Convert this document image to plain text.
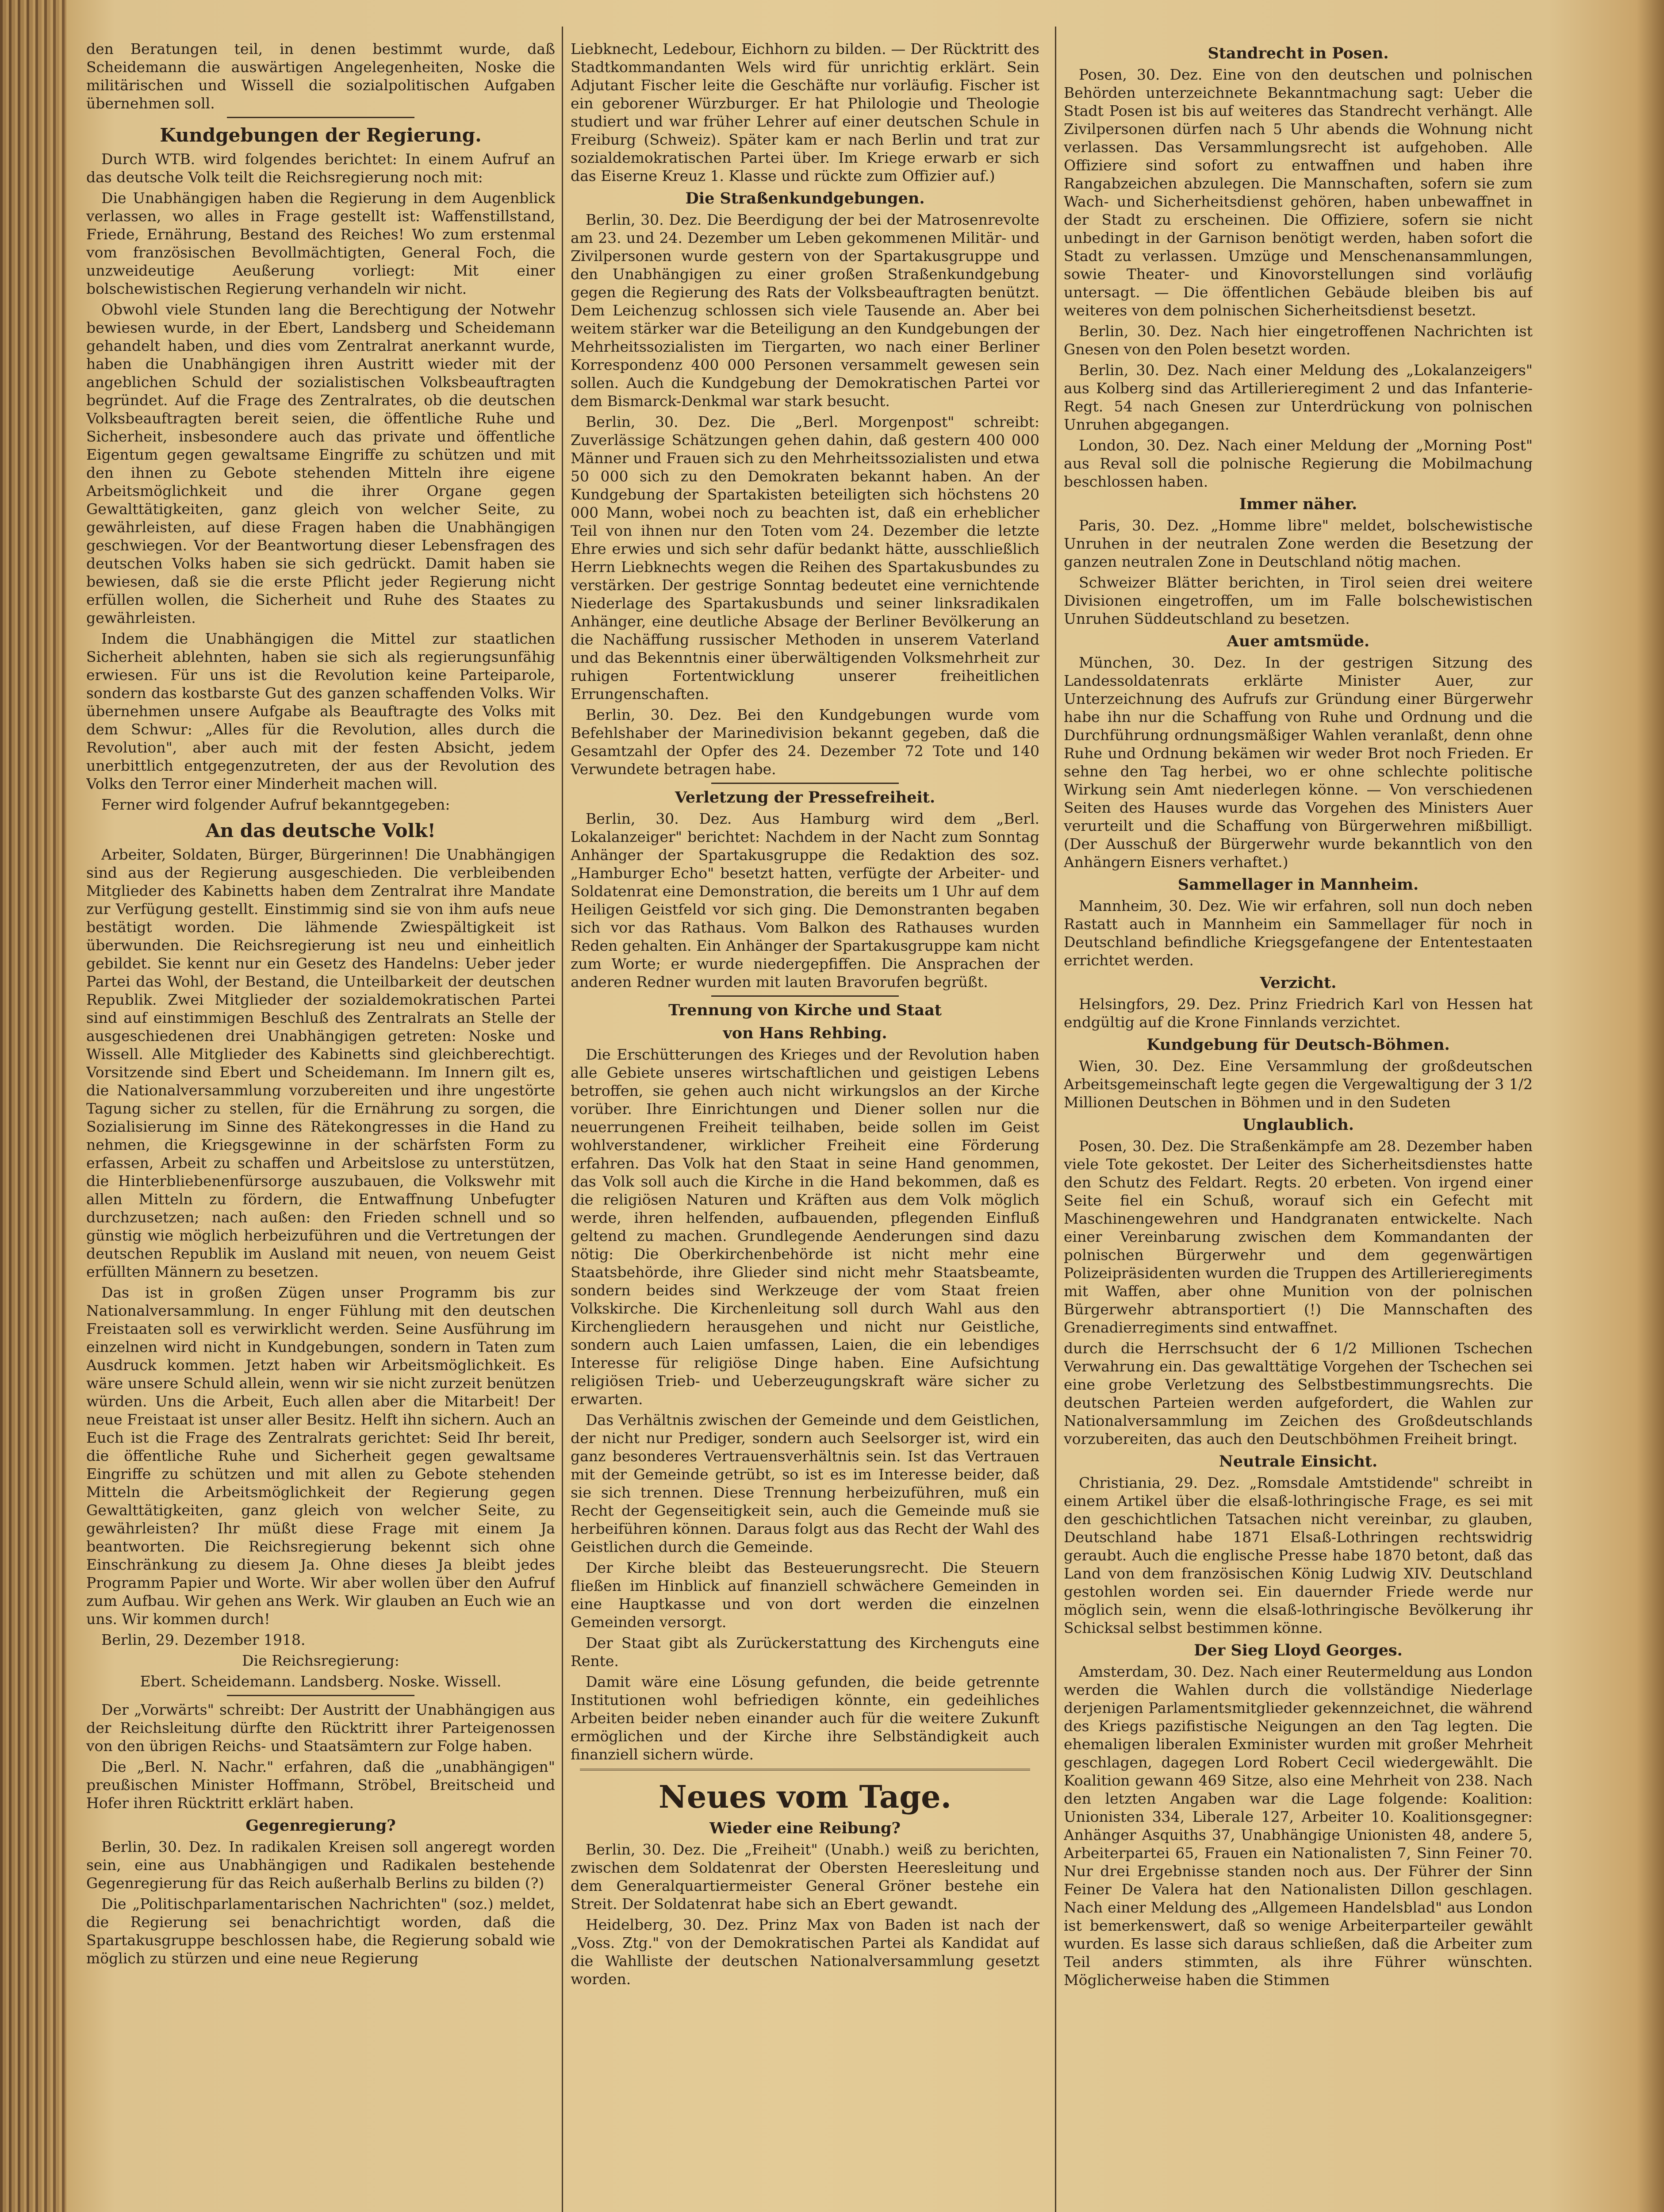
den Beratungen teil, in denen bestimmt wurde, daß Scheidemann die auswärtigen Angelegenheiten, Noske die militärischen und Wissell die sozialpolitischen Aufgaben übernehmen soll.

Kundgebungen der Regierung.

Durch WTB. wird folgendes berichtet: In einem Aufruf an das deutsche Volk teilt die Reichsregierung noch mit:

Die Unabhängigen haben die Regierung in dem Augenblick verlassen, wo alles in Frage gestellt ist: Waffenstillstand, Friede, Ernährung, Bestand des Reiches! Wo zum erstenmal vom französischen Bevollmächtigten, General Foch, die unzweideutige Aeußerung vorliegt: Mit einer bolschewistischen Regierung verhandeln wir nicht.

Obwohl viele Stunden lang die Berechtigung der Notwehr bewiesen wurde, in der Ebert, Landsberg und Scheidemann gehandelt haben, und dies vom Zentralrat anerkannt wurde, haben die Unabhängigen ihren Austritt wieder mit der angeblichen Schuld der sozialistischen Volksbeauftragten begründet. Auf die Frage des Zentralrates, ob die deutschen Volksbeauftragten bereit seien, die öffentliche Ruhe und Sicherheit, insbesondere auch das private und öffentliche Eigentum gegen gewaltsame Eingriffe zu schützen und mit den ihnen zu Gebote stehenden Mitteln ihre eigene Arbeitsmöglichkeit und die ihrer Organe gegen Gewalttätigkeiten, ganz gleich von welcher Seite, zu gewährleisten, auf diese Fragen haben die Unabhängigen geschwiegen. Vor der Beantwortung dieser Lebensfragen des deutschen Volks haben sie sich gedrückt. Damit haben sie bewiesen, daß sie die erste Pflicht jeder Regierung nicht erfüllen wollen, die Sicherheit und Ruhe des Staates zu gewährleisten.

Indem die Unabhängigen die Mittel zur staatlichen Sicherheit ablehnten, haben sie sich als regierungsunfähig erwiesen. Für uns ist die Revolution keine Parteiparole, sondern das kostbarste Gut des ganzen schaffenden Volks. Wir übernehmen unsere Aufgabe als Beauftragte des Volks mit dem Schwur: „Alles für die Revolution, alles durch die Revolution", aber auch mit der festen Absicht, jedem unerbittlich entgegenzutreten, der aus der Revolution des Volks den Terror einer Minderheit machen will.

Ferner wird folgender Aufruf bekanntgegeben:

An das deutsche Volk!

Arbeiter, Soldaten, Bürger, Bürgerinnen! Die Unabhängigen sind aus der Regierung ausgeschieden. Die verbleibenden Mitglieder des Kabinetts haben dem Zentralrat ihre Mandate zur Verfügung gestellt. Einstimmig sind sie von ihm aufs neue bestätigt worden. Die lähmende Zwiespältigkeit ist überwunden. Die Reichsregierung ist neu und einheitlich gebildet. Sie kennt nur ein Gesetz des Handelns: Ueber jeder Partei das Wohl, der Bestand, die Unteilbarkeit der deutschen Republik. Zwei Mitglieder der sozialdemokratischen Partei sind auf einstimmigen Beschluß des Zentralrats an Stelle der ausgeschiedenen drei Unabhängigen getreten: Noske und Wissell. Alle Mitglieder des Kabinetts sind gleichberechtigt. Vorsitzende sind Ebert und Scheidemann. Im Innern gilt es, die Nationalversammlung vorzubereiten und ihre ungestörte Tagung sicher zu stellen, für die Ernährung zu sorgen, die Sozialisierung im Sinne des Rätekongresses in die Hand zu nehmen, die Kriegsgewinne in der schärfsten Form zu erfassen, Arbeit zu schaffen und Arbeitslose zu unterstützen, die Hinterbliebenenfürsorge auszubauen, die Volkswehr mit allen Mitteln zu fördern, die Entwaffnung Unbefugter durchzusetzen; nach außen: den Frieden schnell und so günstig wie möglich herbeizuführen und die Vertretungen der deutschen Republik im Ausland mit neuen, von neuem Geist erfüllten Männern zu besetzen.

Das ist in großen Zügen unser Programm bis zur Nationalversammlung. In enger Fühlung mit den deutschen Freistaaten soll es verwirklicht werden. Seine Ausführung im einzelnen wird nicht in Kundgebungen, sondern in Taten zum Ausdruck kommen. Jetzt haben wir Arbeitsmöglichkeit. Es wäre unsere Schuld allein, wenn wir sie nicht zurzeit benützen würden. Uns die Arbeit, Euch allen aber die Mitarbeit! Der neue Freistaat ist unser aller Besitz. Helft ihn sichern. Auch an Euch ist die Frage des Zentralrats gerichtet: Seid Ihr bereit, die öffentliche Ruhe und Sicherheit gegen gewaltsame Eingriffe zu schützen und mit allen zu Gebote stehenden Mitteln die Arbeitsmöglichkeit der Regierung gegen Gewalttätigkeiten, ganz gleich von welcher Seite, zu gewährleisten? Ihr müßt diese Frage mit einem Ja beantworten. Die Reichsregierung bekennt sich ohne Einschränkung zu diesem Ja. Ohne dieses Ja bleibt jedes Programm Papier und Worte. Wir aber wollen über den Aufruf zum Aufbau. Wir gehen ans Werk. Wir glauben an Euch wie an uns. Wir kommen durch!

Berlin, 29. Dezember 1918.

Die Reichsregierung:

Ebert. Scheidemann. Landsberg. Noske. Wissell.

Der „Vorwärts" schreibt: Der Austritt der Unabhängigen aus der Reichsleitung dürfte den Rücktritt ihrer Parteigenossen von den übrigen Reichs- und Staatsämtern zur Folge haben.

Die „Berl. N. Nachr." erfahren, daß die „unabhängigen" preußischen Minister Hoffmann, Ströbel, Breitscheid und Hofer ihren Rücktritt erklärt haben.

Gegenregierung?

Berlin, 30. Dez. In radikalen Kreisen soll angeregt worden sein, eine aus Unabhängigen und Radikalen bestehende Gegenregierung für das Reich außerhalb Berlins zu bilden (?)

Die „Politischparlamentarischen Nachrichten" (soz.) meldet, die Regierung sei benachrichtigt worden, daß die Spartakusgruppe beschlossen habe, die Regierung sobald wie möglich zu stürzen und eine neue Regierung

Liebknecht, Ledebour, Eichhorn zu bilden. — Der Rücktritt des Stadtkommandanten Wels wird für unrichtig erklärt. Sein Adjutant Fischer leite die Geschäfte nur vorläufig. Fischer ist ein geborener Würzburger. Er hat Philologie und Theologie studiert und war früher Lehrer auf einer deutschen Schule in Freiburg (Schweiz). Später kam er nach Berlin und trat zur sozialdemokratischen Partei über. Im Kriege erwarb er sich das Eiserne Kreuz 1. Klasse und rückte zum Offizier auf.)

Die Straßenkundgebungen.

Berlin, 30. Dez. Die Beerdigung der bei der Matrosenrevolte am 23. und 24. Dezember um Leben gekommenen Militär- und Zivilpersonen wurde gestern von der Spartakusgruppe und den Unabhängigen zu einer großen Straßenkundgebung gegen die Regierung des Rats der Volksbeauftragten benützt. Dem Leichenzug schlossen sich viele Tausende an. Aber bei weitem stärker war die Beteiligung an den Kundgebungen der Mehrheitssozialisten im Tiergarten, wo nach einer Berliner Korrespondenz 400 000 Personen versammelt gewesen sein sollen. Auch die Kundgebung der Demokratischen Partei vor dem Bismarck-Denkmal war stark besucht.

Berlin, 30. Dez. Die „Berl. Morgenpost" schreibt: Zuverlässige Schätzungen gehen dahin, daß gestern 400 000 Männer und Frauen sich zu den Mehrheitssozialisten und etwa 50 000 sich zu den Demokraten bekannt haben. An der Kundgebung der Spartakisten beteiligten sich höchstens 20 000 Mann, wobei noch zu beachten ist, daß ein erheblicher Teil von ihnen nur den Toten vom 24. Dezember die letzte Ehre erwies und sich sehr dafür bedankt hätte, ausschließlich Herrn Liebknechts wegen die Reihen des Spartakusbundes zu verstärken. Der gestrige Sonntag bedeutet eine vernichtende Niederlage des Spartakusbunds und seiner linksradikalen Anhänger, eine deutliche Absage der Berliner Bevölkerung an die Nachäffung russischer Methoden in unserem Vaterland und das Bekenntnis einer überwältigenden Volksmehrheit zur ruhigen Fortentwicklung unserer freiheitlichen Errungenschaften.

Berlin, 30. Dez. Bei den Kundgebungen wurde vom Befehlshaber der Marinedivision bekannt gegeben, daß die Gesamtzahl der Opfer des 24. Dezember 72 Tote und 140 Verwundete betragen habe.

Verletzung der Pressefreiheit.

Berlin, 30. Dez. Aus Hamburg wird dem „Berl. Lokalanzeiger" berichtet: Nachdem in der Nacht zum Sonntag Anhänger der Spartakusgruppe die Redaktion des soz. „Hamburger Echo" besetzt hatten, verfügte der Arbeiter- und Soldatenrat eine Demonstration, die bereits um 1 Uhr auf dem Heiligen Geistfeld vor sich ging. Die Demonstranten begaben sich vor das Rathaus. Vom Balkon des Rathauses wurden Reden gehalten. Ein Anhänger der Spartakusgruppe kam nicht zum Worte; er wurde niedergepfiffen. Die Ansprachen der anderen Redner wurden mit lauten Bravorufen begrüßt.

Trennung von Kirche und Staat
von Hans Rehbing.

Die Erschütterungen des Krieges und der Revolution haben alle Gebiete unseres wirtschaftlichen und geistigen Lebens betroffen, sie gehen auch nicht wirkungslos an der Kirche vorüber. Ihre Einrichtungen und Diener sollen nur die neuerrungenen Freiheit teilhaben, beide sollen im Geist wohlverstandener, wirklicher Freiheit eine Förderung erfahren. Das Volk hat den Staat in seine Hand genommen, das Volk soll auch die Kirche in die Hand bekommen, daß es die religiösen Naturen und Kräften aus dem Volk möglich werde, ihren helfenden, aufbauenden, pflegenden Einfluß geltend zu machen. Grundlegende Aenderungen sind dazu nötig: Die Oberkirchenbehörde ist nicht mehr eine Staatsbehörde, ihre Glieder sind nicht mehr Staatsbeamte, sondern beides sind Werkzeuge der vom Staat freien Volkskirche. Die Kirchenleitung soll durch Wahl aus den Kirchengliedern herausgehen und nicht nur Geistliche, sondern auch Laien umfassen, Laien, die ein lebendiges Interesse für religiöse Dinge haben. Eine Aufsichtung religiösen Trieb- und Ueberzeugungskraft wäre sicher zu erwarten.

Das Verhältnis zwischen der Gemeinde und dem Geistlichen, der nicht nur Prediger, sondern auch Seelsorger ist, wird ein ganz besonderes Vertrauensverhältnis sein. Ist das Vertrauen mit der Gemeinde getrübt, so ist es im Interesse beider, daß sie sich trennen. Diese Trennung herbeizuführen, muß ein Recht der Gegenseitigkeit sein, auch die Gemeinde muß sie herbeiführen können. Daraus folgt aus das Recht der Wahl des Geistlichen durch die Gemeinde.

Der Kirche bleibt das Besteuerungsrecht. Die Steuern fließen im Hinblick auf finanziell schwächere Gemeinden in eine Hauptkasse und von dort werden die einzelnen Gemeinden versorgt.

Der Staat gibt als Zurückerstattung des Kirchenguts eine Rente.

Damit wäre eine Lösung gefunden, die beide getrennte Institutionen wohl befriedigen könnte, ein gedeihliches Arbeiten beider neben einander auch für die weitere Zukunft ermöglichen und der Kirche ihre Selbständigkeit auch finanziell sichern würde.

Neues vom Tage.
Wieder eine Reibung?

Berlin, 30. Dez. Die „Freiheit" (Unabh.) weiß zu berichten, zwischen dem Soldatenrat der Obersten Heeresleitung und dem Generalquartiermeister General Gröner bestehe ein Streit. Der Soldatenrat habe sich an Ebert gewandt.

Heidelberg, 30. Dez. Prinz Max von Baden ist nach der „Voss. Ztg." von der Demokratischen Partei als Kandidat auf die Wahlliste der deutschen Nationalversammlung gesetzt worden.

Standrecht in Posen.

Posen, 30. Dez. Eine von den deutschen und polnischen Behörden unterzeichnete Bekanntmachung sagt: Ueber die Stadt Posen ist bis auf weiteres das Standrecht verhängt. Alle Zivilpersonen dürfen nach 5 Uhr abends die Wohnung nicht verlassen. Das Versammlungsrecht ist aufgehoben. Alle Offiziere sind sofort zu entwaffnen und haben ihre Rangabzeichen abzulegen. Die Mannschaften, sofern sie zum Wach- und Sicherheitsdienst gehören, haben unbewaffnet in der Stadt zu erscheinen. Die Offiziere, sofern sie nicht unbedingt in der Garnison benötigt werden, haben sofort die Stadt zu verlassen. Umzüge und Menschenansammlungen, sowie Theater- und Kinovorstellungen sind vorläufig untersagt. — Die öffentlichen Gebäude bleiben bis auf weiteres von dem polnischen Sicherheitsdienst besetzt.

Berlin, 30. Dez. Nach hier eingetroffenen Nachrichten ist Gnesen von den Polen besetzt worden.

Berlin, 30. Dez. Nach einer Meldung des „Lokalanzeigers" aus Kolberg sind das Artillerieregiment 2 und das Infanterie-Regt. 54 nach Gnesen zur Unterdrückung von polnischen Unruhen abgegangen.

London, 30. Dez. Nach einer Meldung der „Morning Post" aus Reval soll die polnische Regierung die Mobilmachung beschlossen haben.

Immer näher.

Paris, 30. Dez. „Homme libre" meldet, bolschewistische Unruhen in der neutralen Zone werden die Besetzung der ganzen neutralen Zone in Deutschland nötig machen.

Schweizer Blätter berichten, in Tirol seien drei weitere Divisionen eingetroffen, um im Falle bolschewistischen Unruhen Süddeutschland zu besetzen.

Auer amtsmüde.

München, 30. Dez. In der gestrigen Sitzung des Landessoldatenrats erklärte Minister Auer, zur Unterzeichnung des Aufrufs zur Gründung einer Bürgerwehr habe ihn nur die Schaffung von Ruhe und Ordnung und die Durchführung ordnungsmäßiger Wahlen veranlaßt, denn ohne Ruhe und Ordnung bekämen wir weder Brot noch Frieden. Er sehne den Tag herbei, wo er ohne schlechte politische Wirkung sein Amt niederlegen könne. — Von verschiedenen Seiten des Hauses wurde das Vorgehen des Ministers Auer verurteilt und die Schaffung von Bürgerwehren mißbilligt. (Der Ausschuß der Bürgerwehr wurde bekanntlich von den Anhängern Eisners verhaftet.)

Sammellager in Mannheim.

Mannheim, 30. Dez. Wie wir erfahren, soll nun doch neben Rastatt auch in Mannheim ein Sammellager für noch in Deutschland befindliche Kriegsgefangene der Ententestaaten errichtet werden.

Verzicht.

Helsingfors, 29. Dez. Prinz Friedrich Karl von Hessen hat endgültig auf die Krone Finnlands verzichtet.

Kundgebung für Deutsch-Böhmen.

Wien, 30. Dez. Eine Versammlung der großdeutschen Arbeitsgemeinschaft legte gegen die Vergewaltigung der 3 1/2 Millionen Deutschen in Böhmen und in den Sudeten

Unglaublich.

Posen, 30. Dez. Die Straßenkämpfe am 28. Dezember haben viele Tote gekostet. Der Leiter des Sicherheitsdienstes hatte den Schutz des Feldart. Regts. 20 erbeten. Von irgend einer Seite fiel ein Schuß, worauf sich ein Gefecht mit Maschinengewehren und Handgranaten entwickelte. Nach einer Vereinbarung zwischen dem Kommandanten der polnischen Bürgerwehr und dem gegenwärtigen Polizeipräsidenten wurden die Truppen des Artillerieregiments mit Waffen, aber ohne Munition von der polnischen Bürgerwehr abtransportiert (!) Die Mannschaften des Grenadierregiments sind entwaffnet.

durch die Herrschsucht der 6 1/2 Millionen Tschechen Verwahrung ein. Das gewalttätige Vorgehen der Tschechen sei eine grobe Verletzung des Selbstbestimmungsrechts. Die deutschen Parteien werden aufgefordert, die Wahlen zur Nationalversammlung im Zeichen des Großdeutschlands vorzubereiten, das auch den Deutschböhmen Freiheit bringt.

Neutrale Einsicht.

Christiania, 29. Dez. „Romsdale Amtstidende" schreibt in einem Artikel über die elsaß-lothringische Frage, es sei mit den geschichtlichen Tatsachen nicht vereinbar, zu glauben, Deutschland habe 1871 Elsaß-Lothringen rechtswidrig geraubt. Auch die englische Presse habe 1870 betont, daß das Land von dem französischen König Ludwig XIV. Deutschland gestohlen worden sei. Ein dauernder Friede werde nur möglich sein, wenn die elsaß-lothringische Bevölkerung ihr Schicksal selbst bestimmen könne.

Der Sieg Lloyd Georges.

Amsterdam, 30. Dez. Nach einer Reutermeldung aus London werden die Wahlen durch die vollständige Niederlage derjenigen Parlamentsmitglieder gekennzeichnet, die während des Kriegs pazifistische Neigungen an den Tag legten. Die ehemaligen liberalen Exminister wurden mit großer Mehrheit geschlagen, dagegen Lord Robert Cecil wiedergewählt. Die Koalition gewann 469 Sitze, also eine Mehrheit von 238. Nach den letzten Angaben war die Lage folgende: Koalition: Unionisten 334, Liberale 127, Arbeiter 10. Koalitionsgegner: Anhänger Asquiths 37, Unabhängige Unionisten 48, andere 5, Arbeiterpartei 65, Frauen ein Nationalisten 7, Sinn Feiner 70. Nur drei Ergebnisse standen noch aus. Der Führer der Sinn Feiner De Valera hat den Nationalisten Dillon geschlagen. Nach einer Meldung des „Allgemeen Handelsblad" aus London ist bemerkenswert, daß so wenige Arbeiterparteiler gewählt wurden. Es lasse sich daraus schließen, daß die Arbeiter zum Teil anders stimmten, als ihre Führer wünschten. Möglicherweise haben die Stimmen
